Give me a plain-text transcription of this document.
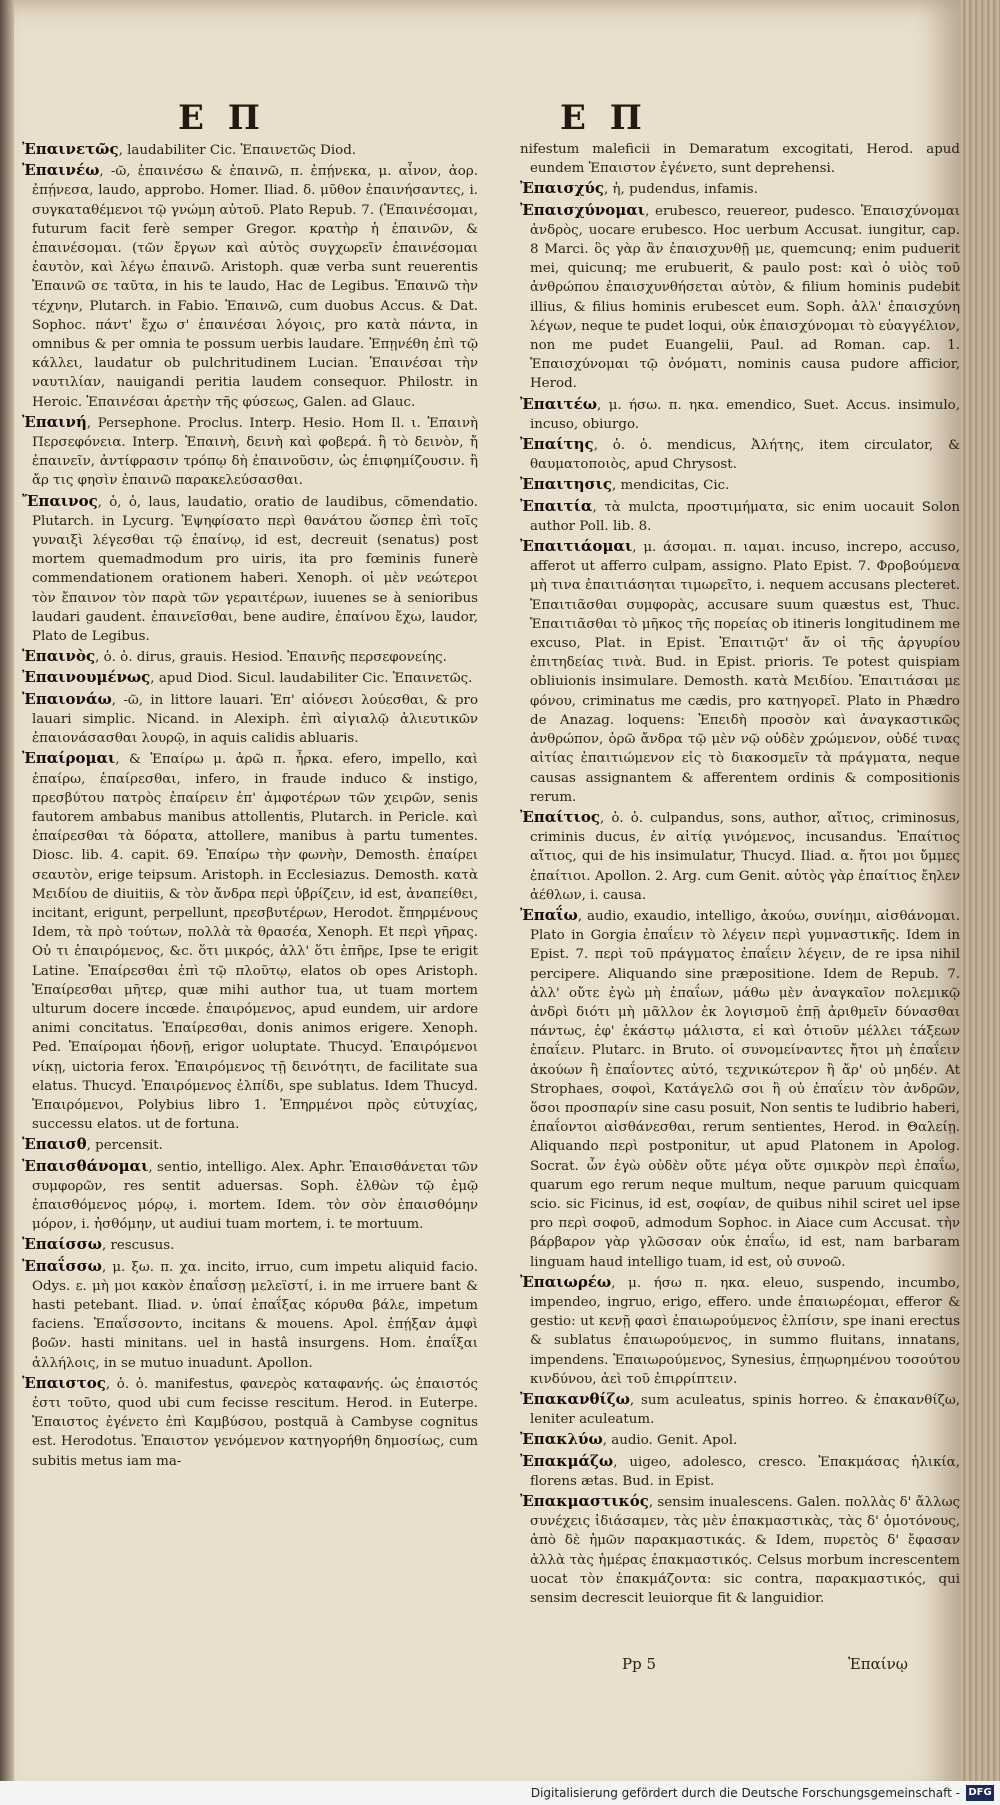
E Π	E Π

Ἐπαινετῶς, laudabiliter Cic. Ἐπαινετῶς Diod.

Ἐπαινέω, -ῶ, ἐπαινέσω & ἐπαινῶ, π. ἐπῄνεκα, μ. αἶνον, ἀορ. ἐπῄνεσα, laudo, approbo. Homer. Iliad. δ. μῦθον ἐπαινήσαντες, i. συγκαταθέμενοι τῷ γνώμη αὐτοῦ. Plato Repub. 7. (Ἐπαινέσομαι, futurum facit ferè semper Gregor. κρατὴρ ἡ ἐπαινῶν, & ἐπαινέσομαι. (τῶν ἔργων καὶ αὐτὸς συγχωρεῖν ἐπαινέσομαι ἑαυτὸν, καὶ λέγω ἐπαινῶ. Aristoph. quæ verba sunt reuerentis Ἐπαινῶ σε ταῦτα, in his te laudo, Hac de Legibus. Ἐπαινῶ τὴν τέχνην, Plutarch. in Fabio. Ἐπαινῶ, cum duobus Accus. & Dat. Sophoc. πάντ' ἔχω σ' ἐπαινέσαι λόγοις, pro κατὰ πάντα, in omnibus & per omnia te possum uerbis laudare. Ἐπῃνέθη ἐπὶ τῷ κάλλει, laudatur ob pulchritudinem Lucian. Ἐπαινέσαι τὴν ναυτιλίαν, nauigandi peritia laudem consequor. Philostr. in Heroic. Ἐπαινέσαι ἀρετὴν τῆς φύσεως, Galen. ad Glauc.

Ἐπαινή, Persephone. Proclus. Interp. Hesio. Hom Il. ι. Ἐπαινὴ Περσεφόνεια. Interp. Ἐπαινὴ, δεινὴ καὶ φοβερά. ἢ τὸ δεινὸν, ἤ ἐπαινεῖν, ἀντίφρασιν τρόπῳ δὴ ἐπαινοῦσιν, ὡς ἐπιφημίζουσιν. ἢ ἄρ τις φησὶν ἐπαινῶ παρακελεύσασθαι.

Ἔπαινος, ὁ, ὁ, laus, laudatio, oratio de laudibus, cõmendatio. Plutarch. in Lycurg. Ἐψηφίσατο περὶ θανάτου ὥσπερ ἐπὶ τοῖς γυναιξὶ λέγεσθαι τῷ ἐπαίνῳ, id est, decreuit (senatus) post mortem quemadmodum pro uiris, ita pro fœminis funerè commendationem orationem haberi. Xenoph. οἱ μὲν νεώτεροι τὸν ἔπαινον τὸν παρὰ τῶν γεραιτέρων, iuuenes se à senioribus laudari gaudent. ἐπαινεῖσθαι, bene audire, ἐπαίνου ἔχω, laudor, Plato de Legibus.

Ἐπαινὸς, ὁ. ὁ. dirus, grauis. Hesiod. Ἐπαινῆς περσεφονείης.

Ἐπαινουμένως, apud Diod. Sicul. laudabiliter Cic. Ἐπαινετῶς.

Ἐπαιονάω, -ῶ, in littore lauari. Ἐπ' αἰόνεσι λούεσθαι, & pro lauari simplic. Nicand. in Alexiph. ἐπὶ αἰγιαλῷ ἀλιευτικῶν ἐπαιονάσασθαι λουρῷ, in aquis calidis abluaris.

Ἐπαίρομαι, & Ἐπαίρω μ. ἀρῶ π. ἦρκα. efero, impello, καὶ ἐπαίρω, ἐπαίρεσθαι, infero, in fraude induco & instigo, πρεσβύτου πατρὸς ἐπαίρειν ἐπ' ἀμφοτέρων τῶν χειρῶν, senis fautorem ambabus manibus attollentis, Plutarch. in Pericle. καὶ ἐπαίρεσθαι τὰ δόρατα, attollere, manibus à partu tumentes. Diosc. lib. 4. capit. 69. Ἐπαίρω τὴν φωνὴν, Demosth. ἐπαίρει σεαυτὸν, erige teipsum. Aristoph. in Ecclesiazus. Demosth. κατὰ Μειδίου de diuitiis, & τὸν ἄνδρα περὶ ὑβρίζειν, id est, ἀναπείθει, incitant, erigunt, perpellunt, πρεσβυτέρων, Herodot. ἔπηρμένους Idem, τὰ πρὸ τούτων, πολλὰ τὰ θρασέα, Xenoph. Et περὶ γῆρας. Οὐ τι ἐπαιρόμενος, &c. ὅτι μικρός, ἀλλ' ὅτι ἐπῆρε, Ipse te erigit Latine. Ἐπαίρεσθαι ἐπὶ τῷ πλοῦτῳ, elatos ob opes Aristoph. Ἐπαίρεσθαι μῆτερ, quæ mihi author tua, ut tuam mortem ulturum docere incœde. ἐπαιρόμενος, apud eundem, uir ardore animi concitatus. Ἐπαίρεσθαι, donis animos erigere. Xenoph. Ped. Ἐπαίρομαι ἡδονῇ, erigor uoluptate. Thucyd. Ἐπαιρόμενοι νίκῃ, uictoria ferox. Ἐπαιρόμενος τῇ δεινότητι, de facilitate sua elatus. Thucyd. Ἐπαιρόμενος ἐλπίδι, spe sublatus. Idem Thucyd. Ἐπαιρόμενοι, Polybius libro 1. Ἐπηρμένοι πρὸς εὐτυχίας, successu elatos. ut de fortuna.

Ἐπαισθ, percensit.

Ἐπαισθάνομαι, sentio, intelligo. Alex. Aphr. Ἐπαισθάνεται τῶν συμφορῶν, res sentit aduersas. Soph. ἐλθὼν τῷ ἐμῷ ἐπαισθόμενος μόρῳ, i. mortem. Idem. τὸν σὸν ἐπαισθόμην μόρον, i. ἠσθόμην, ut audiui tuam mortem, i. te mortuum.

Ἐπαίσσω, rescusus.

Ἐπαΐσσω, μ. ξω. π. χα. incito, irruo, cum impetu aliquid facio. Odys. ε. μὴ μοι κακὸν ἐπαΐσσῃ μελεϊστί, i. in me irruere bant & hasti petebant. Iliad. ν. ὑπαί ἐπαΐξας κόρυθα βάλε, impetum faciens. Ἐπαΐσσοντο, incitans & mouens. Apol. ἐπῄξαν ἀμφὶ βοῶν. hasti minitans. uel in hastâ insurgens. Hom. ἐπαΐξαι ἀλλήλοις, in se mutuo inuadunt. Apollon.

Ἐπαιστος, ὁ. ὁ. manifestus, φανερὸς καταφανής. ὡς ἐπαιστός ἐστι τοῦτο, quod ubi cum fecisse rescitum. Herod. in Euterpe. Ἐπαιστος ἐγένετο ἐπὶ Καμβύσου, postquã à Cambyse cognitus est. Herodotus. Ἐπαιστον γενόμενον κατηγορήθη δημοσίως, cum subitis metus iam ma-

nifestum maleficii in Demaratum excogitati, Herod. apud eundem Ἐπαιστον ἐγένετο, sunt deprehensi.

Ἐπαισχύς, ἡ, pudendus, infamis.

Ἐπαισχύνομαι, erubesco, reuereor, pudesco. Ἐπαισχύνομαι ἀνδρὸς, uocare erubesco. Hoc uerbum Accusat. iungitur, cap. 8 Marci. ὃς γὰρ ἂν ἐπαισχυνθῇ με, quemcunq; enim puduerit mei, quicunq; me erubuerit, & paulo post: καὶ ὁ υἱὸς τοῦ ἀνθρώπου ἐπαισχυνθήσεται αὐτὸν, & filium hominis pudebit illius, & filius hominis erubescet eum. Soph. ἀλλ' ἐπαισχύνη λέγων, neque te pudet loqui, οὐκ ἐπαισχύνομαι τὸ εὐαγγέλιον, non me pudet Euangelii, Paul. ad Roman. cap. 1. Ἐπαισχύνομαι τῷ ὀνόματι, nominis causa pudore afficior, Herod.

Ἐπαιτέω, μ. ήσω. π. ηκα. emendico, Suet. Accus. insimulo, incuso, obiurgo.

Ἐπαίτης, ὁ. ὁ. mendicus, Ἀλήτης, item circulator, & θαυματοποιὸς, apud Chrysost.

Ἐπαιτησις, mendicitas, Cic.

Ἐπαιτία, τὰ mulcta, προστιμήματα, sic enim uocauit Solon author Poll. lib. 8.

Ἐπαιτιάομαι, μ. άσομαι. π. ιαμαι. incuso, increpo, accuso, afferot ut afferro culpam, assigno. Plato Epist. 7. Φροβούμενα μὴ τινα ἐπαιτιάσηται τιμωρεῖτο, i. nequem accusans plecteret. Ἐπαιτιᾶσθαι συμφορὰς, accusare suum quæstus est, Thuc. Ἐπαιτιᾶσθαι τὸ μῆκος τῆς πορείας ob itineris longitudinem me excuso, Plat. in Epist. Ἐπαιτιῷτ' ἄν οἱ τῆς ἀργυρίου ἐπιτηδείας τινὰ. Bud. in Epist. prioris. Te potest quispiam obliuionis insimulare. Demosth. κατὰ Μειδίου. Ἐπαιτιάσαι με φόνου, criminatus me cædis, pro κατηγορεῖ. Plato in Phædro de Anazag. loquens: Ἐπειδὴ προσὸν καὶ ἀναγκαστικῶς ἀνθρώπον, ὁρῶ ἄνδρα τῷ μὲν νῷ οὐδὲν χρώμενον, οὐδέ τινας αἰτίας ἐπαιτιώμενον εἰς τὸ διακοσμεῖν τὰ πράγματα, neque causas assignantem & afferentem ordinis & compositionis rerum.

Ἐπαίτιος, ὁ. ὁ. culpandus, sons, author, αἴτιος, criminosus, criminis ducus, ἐν αἰτίᾳ γινόμενος, incusandus. Ἐπαίτιος αἴτιος, qui de his insimulatur, Thucyd. Iliad. α. ἤτοι μοι ὔμμες ἐπαίτιοι. Apollon. 2. Arg. cum Genit. αὐτὸς γὰρ ἐπαίτιος ἔηλεν ἀέθλων, i. causa.

Ἐπαΐω, audio, exaudio, intelligo, ἀκούω, συνίημι, αἰσθάνομαι. Plato in Gorgia ἐπαΐειν τὸ λέγειν περὶ γυμναστικῆς. Idem in Epist. 7. περὶ τοῦ πράγματος ἐπαΐειν λέγειν, de re ipsa nihil percipere. Aliquando sine præpositione. Idem de Repub. 7. ἀλλ' οὔτε ἐγὼ μὴ ἐπαΐων, μάθω μὲν ἀναγκαῖον πολεμικῷ ἀνδρὶ διότι μὴ μᾶλλον ἐκ λογισμοῦ ἐπῇ ἀριθμεῖν δύνασθαι πάντως, ἐφ' ἑκάστῳ μάλιστα, εἰ καὶ ὁτιοῦν μέλλει τάξεων ἐπαΐειν. Plutarc. in Bruto. οἱ συνομείναντες ἤτοι μὴ ἐπαΐειν ἀκούων ἢ ἐπαΐοντες αὐτό, τεχνικώτερον ἢ ἄρ' οὐ μηδέν. At Strophaes, σοφοὶ, Κατάγελῶ σοι ἢ οὐ ἐπαΐειν τὸν ἀνδρῶν, ὅσοι προσπαρίν sine casu posuit, Non sentis te ludibrio haberi, ἐπαΐοντοι αἰσθάνεσθαι, rerum sentientes, Herod. in Θαλείῃ. Aliquando περὶ postponitur, ut apud Platonem in Apolog. Socrat. ὧν ἐγὼ οὐδὲν οὔτε μέγα οὔτε σμικρὸν περὶ ἐπαΐω, quarum ego rerum neque multum, neque paruum quicquam scio. sic Ficinus, id est, σοφίαν, de quibus nihil sciret uel ipse pro περὶ σοφοῦ, admodum Sophoc. in Aiace cum Accusat. τὴν βάρβαρον γὰρ γλῶσσαν οὐκ ἐπαΐω, id est, nam barbaram linguam haud intelligo tuam, id est, οὐ συνοῶ.

Ἐπαιωρέω, μ. ήσω π. ηκα. eleuo, suspendo, incumbo, impendeo, ingruo, erigo, effero. unde ἐπαιωρέομαι, efferor & gestio: ut κενῇ φασὶ ἐπαιωρούμενος ἐλπίσιν, spe inani erectus & sublatus ἐπαιωρούμενος, in summo fluitans, innatans, impendens. Ἐπαιωρούμενος, Synesius, ἐπῃωρημένου τοσούτου κινδύνου, ἀεὶ τοῦ ἐπιρρίπτειν.

Ἐπακανθίζω, sum aculeatus, spinis horreo. & ἐπακανθίζω, leniter aculeatum.

Ἐπακλύω, audio. Genit. Apol.

Ἐπακμάζω, uigeo, adolesco, cresco. Ἐπακμάσας ἡλικία, florens ætas. Bud. in Epist.

Ἐπακμαστικός, sensim inualescens. Galen. πολλὰς δ' ἄλλως συνέχεις ἰδιάσαμεν, τὰς μὲν ἐπακμαστικὰς, τὰς δ' ὁμοτόνους, ἀπὸ δὲ ἡμῶν παρακμαστικάς. & Idem, πυρετὸς δ' ἔφασαν ἀλλὰ τὰς ἡμέρας ἐπακμαστικός. Celsus morbum increscentem uocat τὸν ἐπακμάζοντα: sic contra, παρακμαστικός, qui sensim decrescit leuiorque fit & languidior.

Pp 5	Ἐπαίνῳ
Digitalisierung gefördert durch die Deutsche Forschungsgemeinschaft - DFG
